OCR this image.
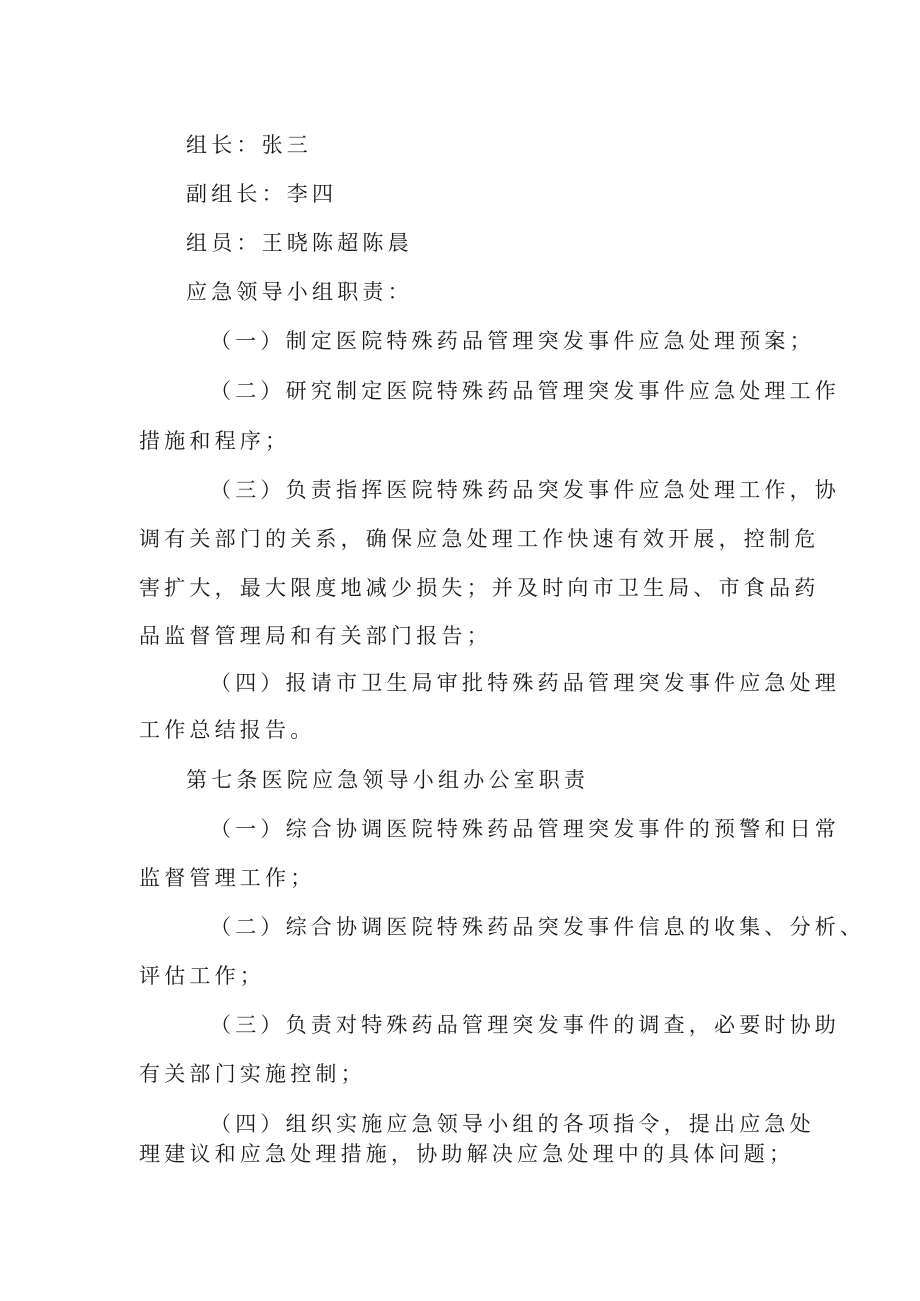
组长：张三
副组长：李四
组员：王晓陈超陈晨
应急领导小组职责：
（一）制定医院特殊药品管理突发事件应急处理预案；
（二）研究制定医院特殊药品管理突发事件应急处理工作
措施和程序；
（三）负责指挥医院特殊药品突发事件应急处理工作，协
调有关部门的关系，确保应急处理工作快速有效开展，控制危
害扩大，最大限度地减少损失；并及时向市卫生局、市食品药
品监督管理局和有关部门报告；
（四）报请市卫生局审批特殊药品管理突发事件应急处理
工作总结报告。
第七条医院应急领导小组办公室职责
（一）综合协调医院特殊药品管理突发事件的预警和日常
监督管理工作；
（二）综合协调医院特殊药品突发事件信息的收集、分析、
评估工作；
（三）负责对特殊药品管理突发事件的调查，必要时协助
有关部门实施控制；
（四）组织实施应急领导小组的各项指令，提出应急处
理建议和应急处理措施，协助解决应急处理中的具体问题；
